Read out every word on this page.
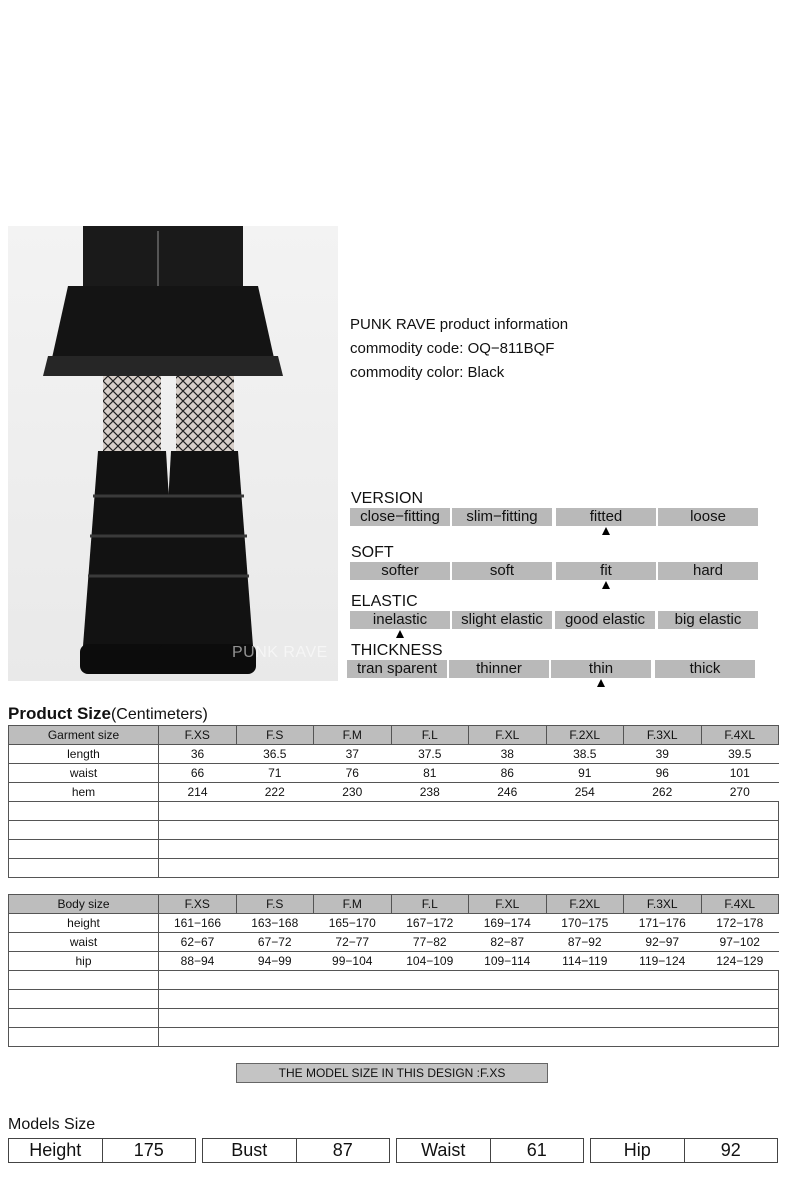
PUNK RAVE
PUNK RAVE product information
commodity code: OQ−811BQF
commodity color: Black
VERSION
close−fitting	slim−fitting	fitted	loose
SOFT
softer	soft	fit	hard
ELASTIC
inelastic	slight elastic	good elastic	big elastic
THICKNESS
tran sparent	thinner	thin	thick
Product Size(Centimeters)
Garment size	F.XS	F.S	F.M	F.L	F.XL	F.2XL	F.3XL	F.4XL
length	36	36.5	37	37.5	38	38.5	39	39.5
waist	66	71	76	81	86	91	96	101
hem	214	222	230	238	246	254	262	270

Body size	F.XS	F.S	F.M	F.L	F.XL	F.2XL	F.3XL	F.4XL
height	161−166	163−168	165−170	167−172	169−174	170−175	171−176	172−178
waist	62−67	67−72	72−77	77−82	82−87	87−92	92−97	97−102
hip	88−94	94−99	99−104	104−109	109−114	114−119	119−124	124−129

THE MODEL SIZE IN THIS DESIGN :F.XS
Models Size
Height	175	Bust	87	Waist	61	Hip	92
